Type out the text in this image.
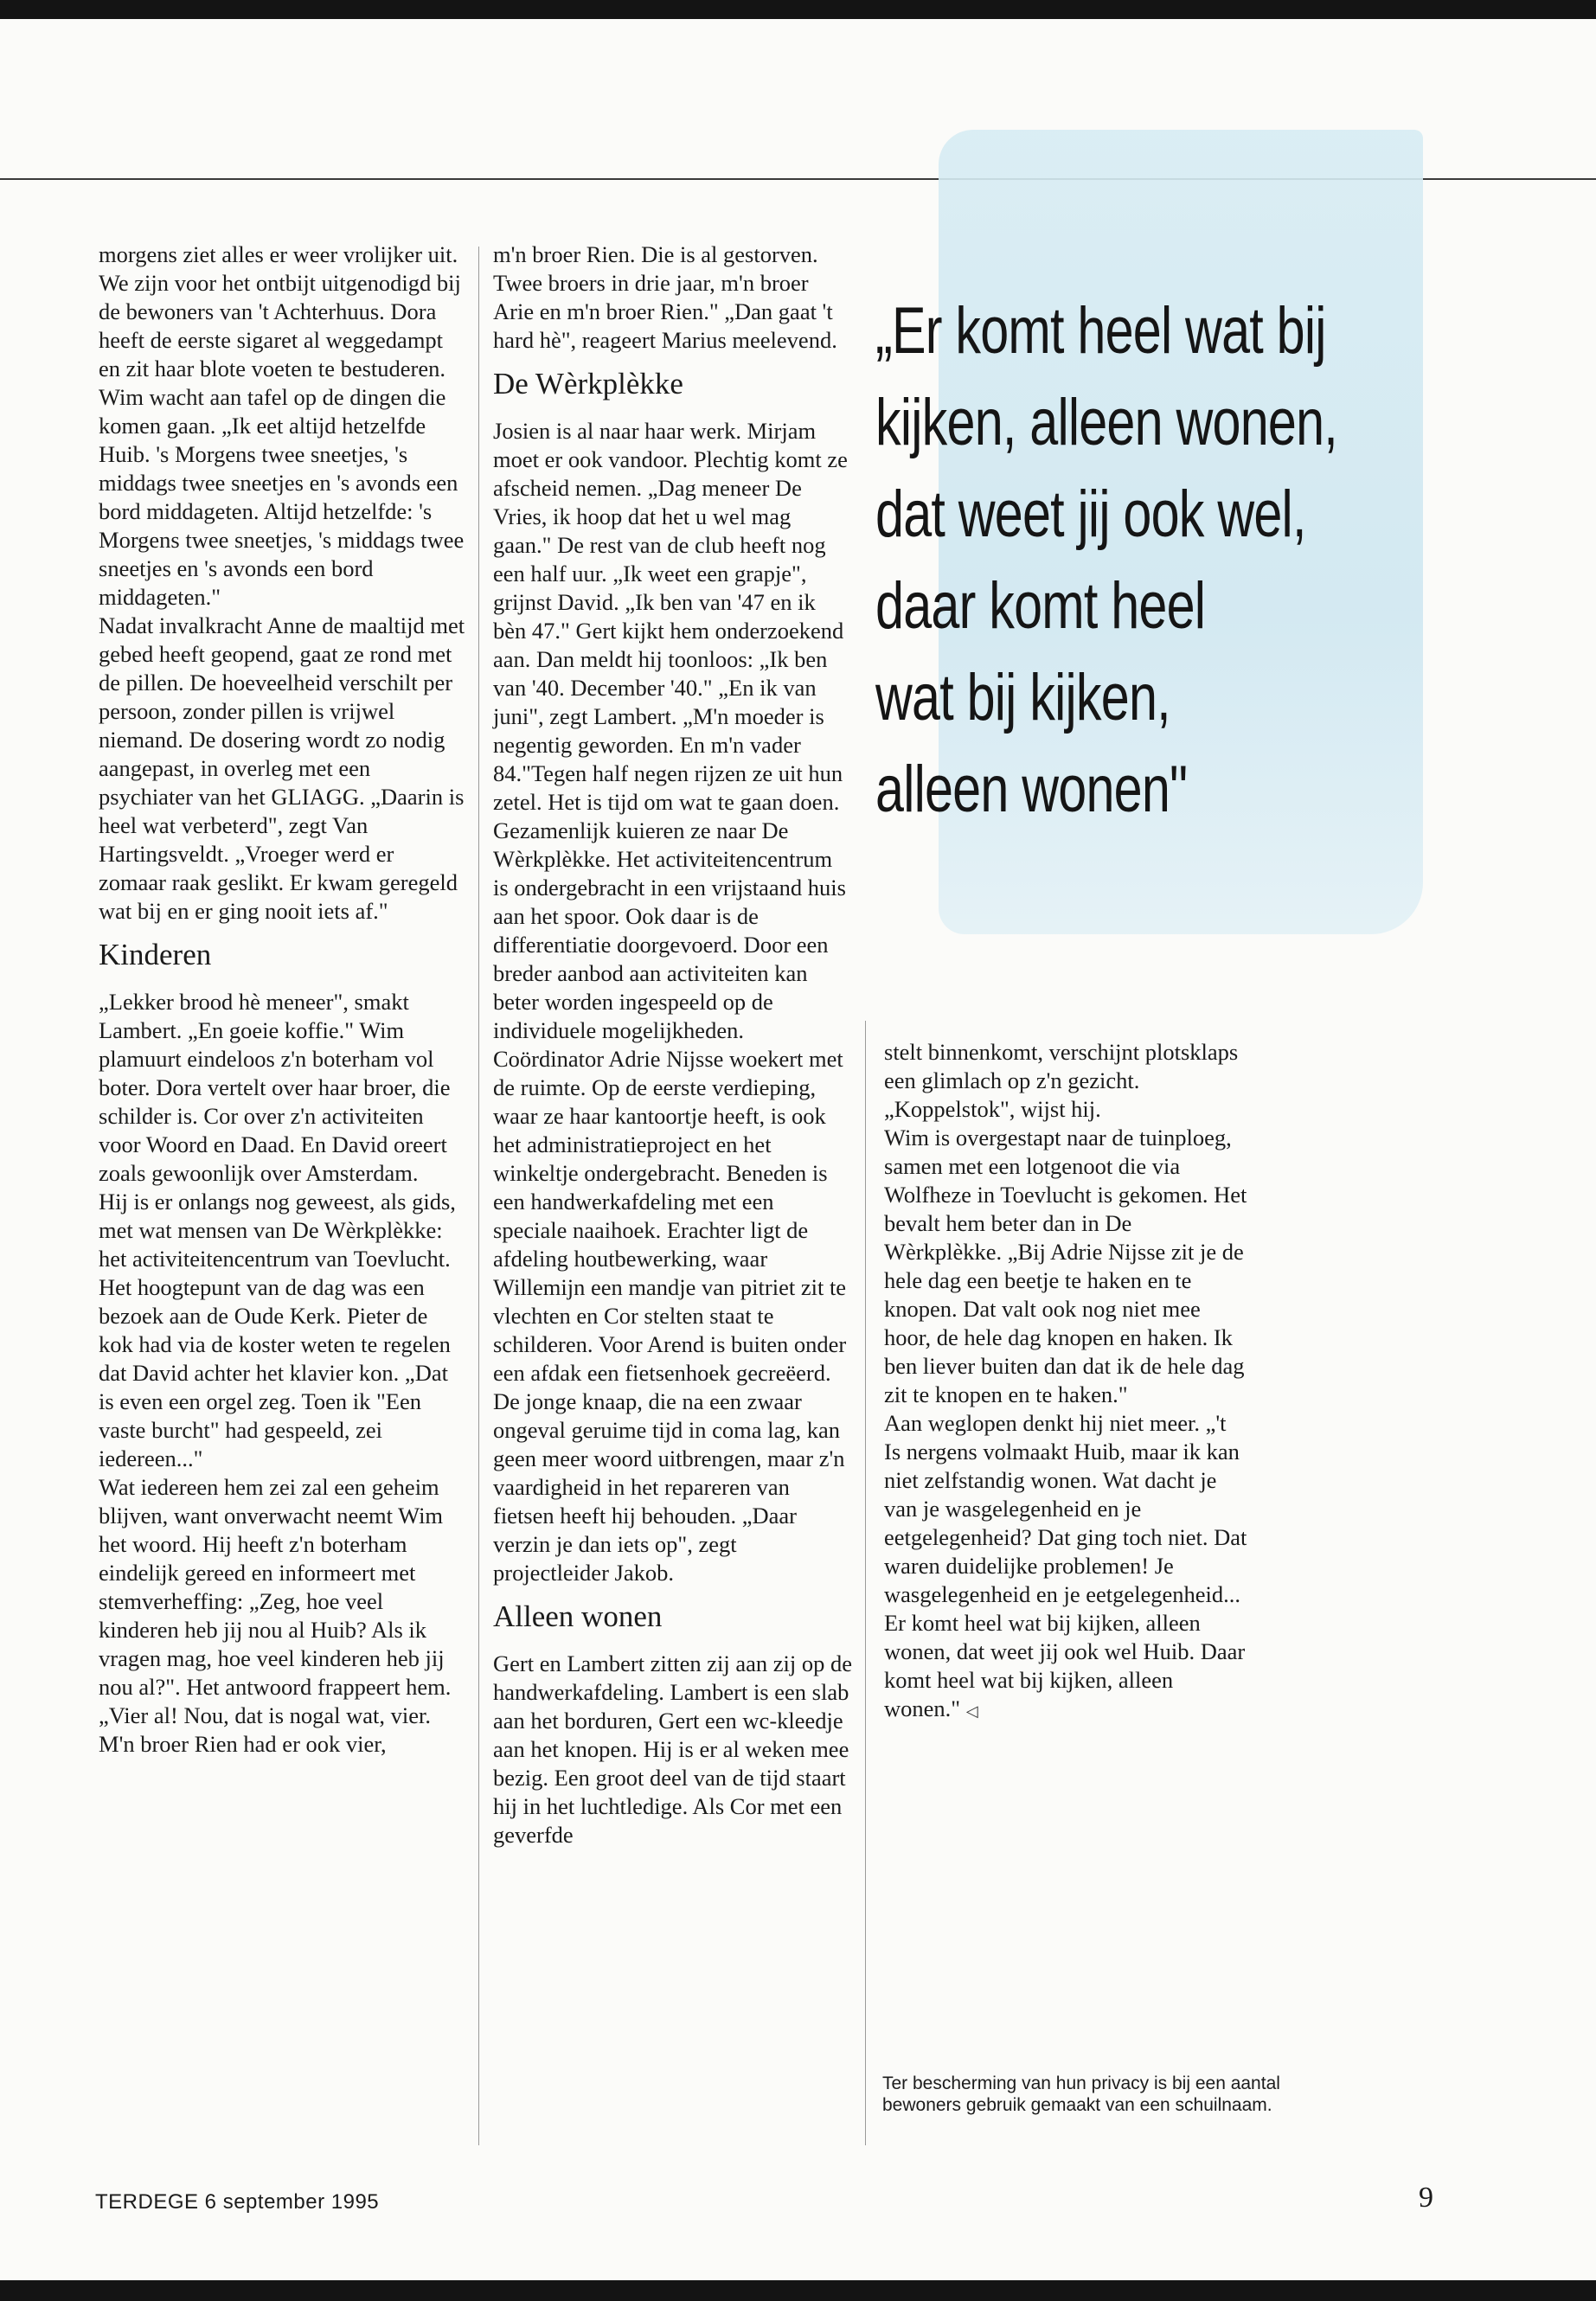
morgens ziet alles er weer vrolijker uit.

We zijn voor het ontbijt uitgenodigd bij de bewoners van 't Achterhuus. Dora heeft de eerste sigaret al weggedampt en zit haar blote voeten te bestuderen. Wim wacht aan tafel op de dingen die komen gaan. „Ik eet altijd hetzelfde Huib. 's Morgens twee sneetjes, 's middags twee sneetjes en 's avonds een bord middageten. Altijd hetzelfde: 's Morgens twee sneetjes, 's middags twee sneetjes en 's avonds een bord middageten."

Nadat invalkracht Anne de maaltijd met gebed heeft geopend, gaat ze rond met de pillen. De hoeveelheid verschilt per persoon, zonder pillen is vrijwel niemand. De dosering wordt zo nodig aangepast, in overleg met een psychiater van het GLIAGG. „Daarin is heel wat verbeterd", zegt Van Hartingsveldt. „Vroeger werd er zomaar raak geslikt. Er kwam geregeld wat bij en er ging nooit iets af."

Kinderen

„Lekker brood hè meneer", smakt Lambert. „En goeie koffie." Wim plamuurt eindeloos z'n boterham vol boter. Dora vertelt over haar broer, die schilder is. Cor over z'n activiteiten voor Woord en Daad. En David oreert zoals gewoonlijk over Amsterdam.

Hij is er onlangs nog geweest, als gids, met wat mensen van De Wèrkplèkke: het activiteitencentrum van Toevlucht. Het hoogtepunt van de dag was een bezoek aan de Oude Kerk. Pieter de kok had via de koster weten te regelen dat David achter het klavier kon. „Dat is even een orgel zeg. Toen ik "Een vaste burcht" had gespeeld, zei iedereen..."

Wat iedereen hem zei zal een geheim blijven, want onverwacht neemt Wim het woord. Hij heeft z'n boterham eindelijk gereed en informeert met stemverheffing: „Zeg, hoe veel kinderen heb jij nou al Huib? Als ik vragen mag, hoe veel kinderen heb jij nou al?". Het antwoord frappeert hem. „Vier al! Nou, dat is nogal wat, vier. M'n broer Rien had er ook vier,

m'n broer Rien. Die is al gestorven. Twee broers in drie jaar, m'n broer Arie en m'n broer Rien." „Dan gaat 't hard hè", reageert Marius meelevend.

De Wèrkplèkke

Josien is al naar haar werk. Mirjam moet er ook vandoor. Plechtig komt ze afscheid nemen. „Dag meneer De Vries, ik hoop dat het u wel mag gaan." De rest van de club heeft nog een half uur. „Ik weet een grapje", grijnst David. „Ik ben van '47 en ik bèn 47." Gert kijkt hem onderzoekend aan. Dan meldt hij toonloos: „Ik ben van '40. December '40." „En ik van juni", zegt Lambert. „M'n moeder is negentig geworden. En m'n vader 84."Tegen half negen rijzen ze uit hun zetel. Het is tijd om wat te gaan doen. Gezamenlijk kuieren ze naar De Wèrkplèkke. Het activiteitencentrum is ondergebracht in een vrijstaand huis aan het spoor. Ook daar is de differentiatie doorgevoerd. Door een breder aanbod aan activiteiten kan beter worden ingespeeld op de individuele mogelijkheden. Coördinator Adrie Nijsse woekert met de ruimte. Op de eerste verdieping, waar ze haar kantoortje heeft, is ook het administratieproject en het winkeltje ondergebracht. Beneden is een handwerkafdeling met een speciale naaihoek. Erachter ligt de afdeling houtbewerking, waar Willemijn een mandje van pitriet zit te vlechten en Cor stelten staat te schilderen. Voor Arend is buiten onder een afdak een fietsenhoek gecreëerd. De jonge knaap, die na een zwaar ongeval geruime tijd in coma lag, kan geen meer woord uitbrengen, maar z'n vaardigheid in het repareren van fietsen heeft hij behouden. „Daar verzin je dan iets op", zegt projectleider Jakob.

Alleen wonen

Gert en Lambert zitten zij aan zij op de handwerkafdeling. Lambert is een slab aan het borduren, Gert een wc-kleedje aan het knopen. Hij is er al weken mee bezig. Een groot deel van de tijd staart hij in het luchtledige. Als Cor met een geverfde

„Er komt heel wat bij
kijken, alleen wonen,
dat weet jij ook wel,
daar komt heel
wat bij kijken,
alleen wonen"

stelt binnenkomt, verschijnt plotsklaps een glimlach op z'n gezicht. „Koppelstok", wijst hij.

Wim is overgestapt naar de tuinploeg, samen met een lotgenoot die via Wolfheze in Toevlucht is gekomen. Het bevalt hem beter dan in De Wèrkplèkke. „Bij Adrie Nijsse zit je de hele dag een beetje te haken en te knopen. Dat valt ook nog niet mee hoor, de hele dag knopen en haken. Ik ben liever buiten dan dat ik de hele dag zit te knopen en te haken."

Aan weglopen denkt hij niet meer. „'t Is nergens volmaakt Huib, maar ik kan niet zelfstandig wonen. Wat dacht je van je wasgelegenheid en je eetgelegenheid? Dat ging toch niet. Dat waren duidelijke problemen! Je wasgelegenheid en je eetgelegenheid... Er komt heel wat bij kijken, alleen wonen, dat weet jij ook wel Huib. Daar komt heel wat bij kijken, alleen wonen." ◁

Ter bescherming van hun privacy is bij een aantal bewoners gebruik gemaakt van een schuilnaam.
TERDEGE 6 september 1995	9
